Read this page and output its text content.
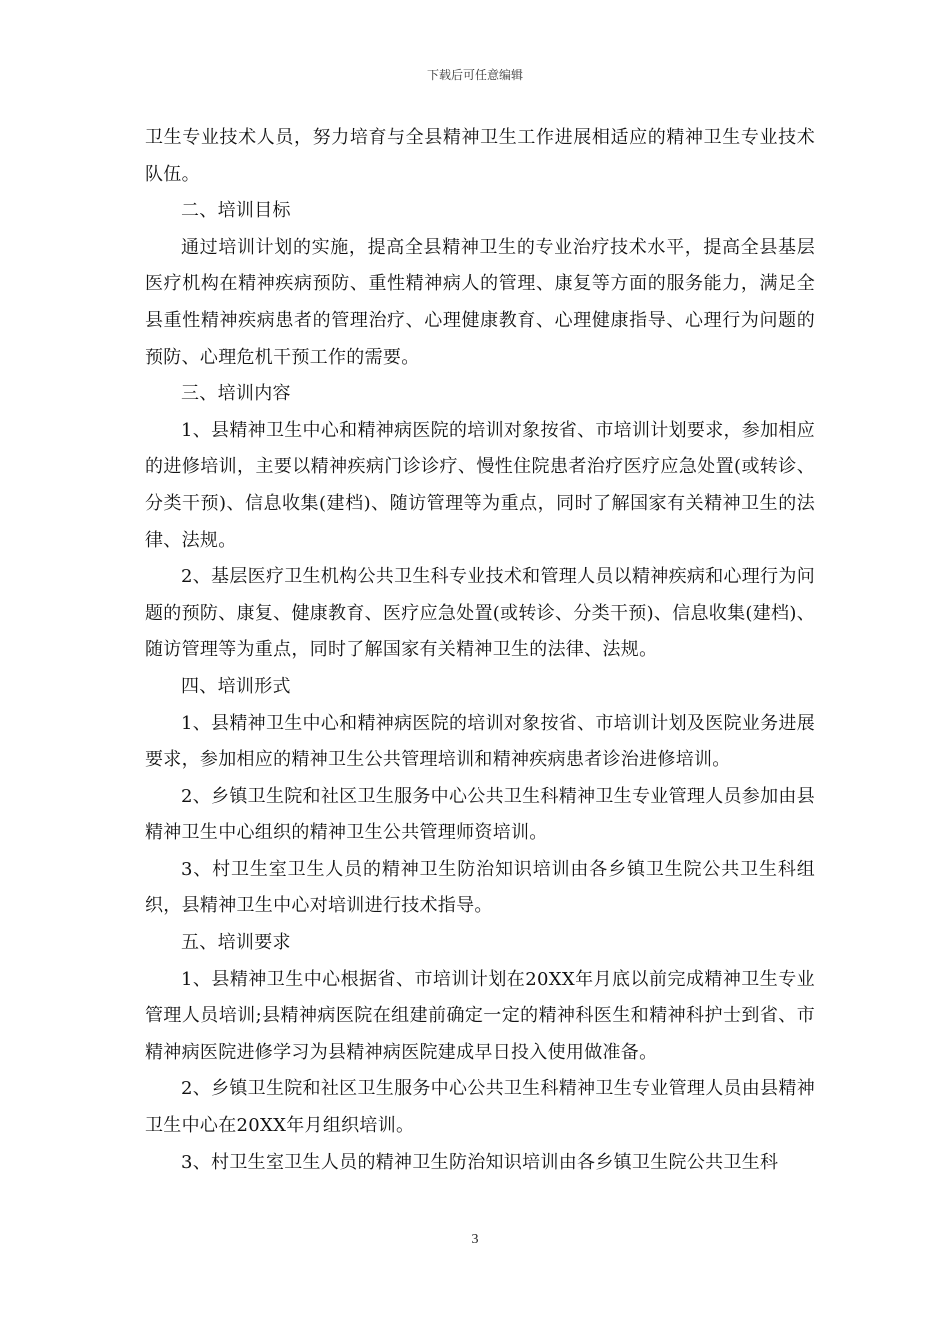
下载后可任意编辑

卫生专业技术人员，努力培育与全县精神卫生工作进展相适应的精神卫生专业技术队伍。

二、培训目标

通过培训计划的实施，提高全县精神卫生的专业治疗技术水平，提高全县基层医疗机构在精神疾病预防、重性精神病人的管理、康复等方面的服务能力，满足全县重性精神疾病患者的管理治疗、心理健康教育、心理健康指导、心理行为问题的预防、心理危机干预工作的需要。

三、培训内容

1、县精神卫生中心和精神病医院的培训对象按省、市培训计划要求，参加相应的进修培训，主要以精神疾病门诊诊疗、慢性住院患者治疗医疗应急处置(或转诊、分类干预)、信息收集(建档)、随访管理等为重点，同时了解国家有关精神卫生的法律、法规。

2、基层医疗卫生机构公共卫生科专业技术和管理人员以精神疾病和心理行为问题的预防、康复、健康教育、医疗应急处置(或转诊、分类干预)、信息收集(建档)、随访管理等为重点，同时了解国家有关精神卫生的法律、法规。

四、培训形式

1、县精神卫生中心和精神病医院的培训对象按省、市培训计划及医院业务进展要求，参加相应的精神卫生公共管理培训和精神疾病患者诊治进修培训。

2、乡镇卫生院和社区卫生服务中心公共卫生科精神卫生专业管理人员参加由县精神卫生中心组织的精神卫生公共管理师资培训。

3、村卫生室卫生人员的精神卫生防治知识培训由各乡镇卫生院公共卫生科组织，县精神卫生中心对培训进行技术指导。

五、培训要求

1、县精神卫生中心根据省、市培训计划在20XX年月底以前完成精神卫生专业管理人员培训;县精神病医院在组建前确定一定的精神科医生和精神科护士到省、市精神病医院进修学习为县精神病医院建成早日投入使用做准备。

2、乡镇卫生院和社区卫生服务中心公共卫生科精神卫生专业管理人员由县精神卫生中心在20XX年月组织培训。

3、村卫生室卫生人员的精神卫生防治知识培训由各乡镇卫生院公共卫生科

3
